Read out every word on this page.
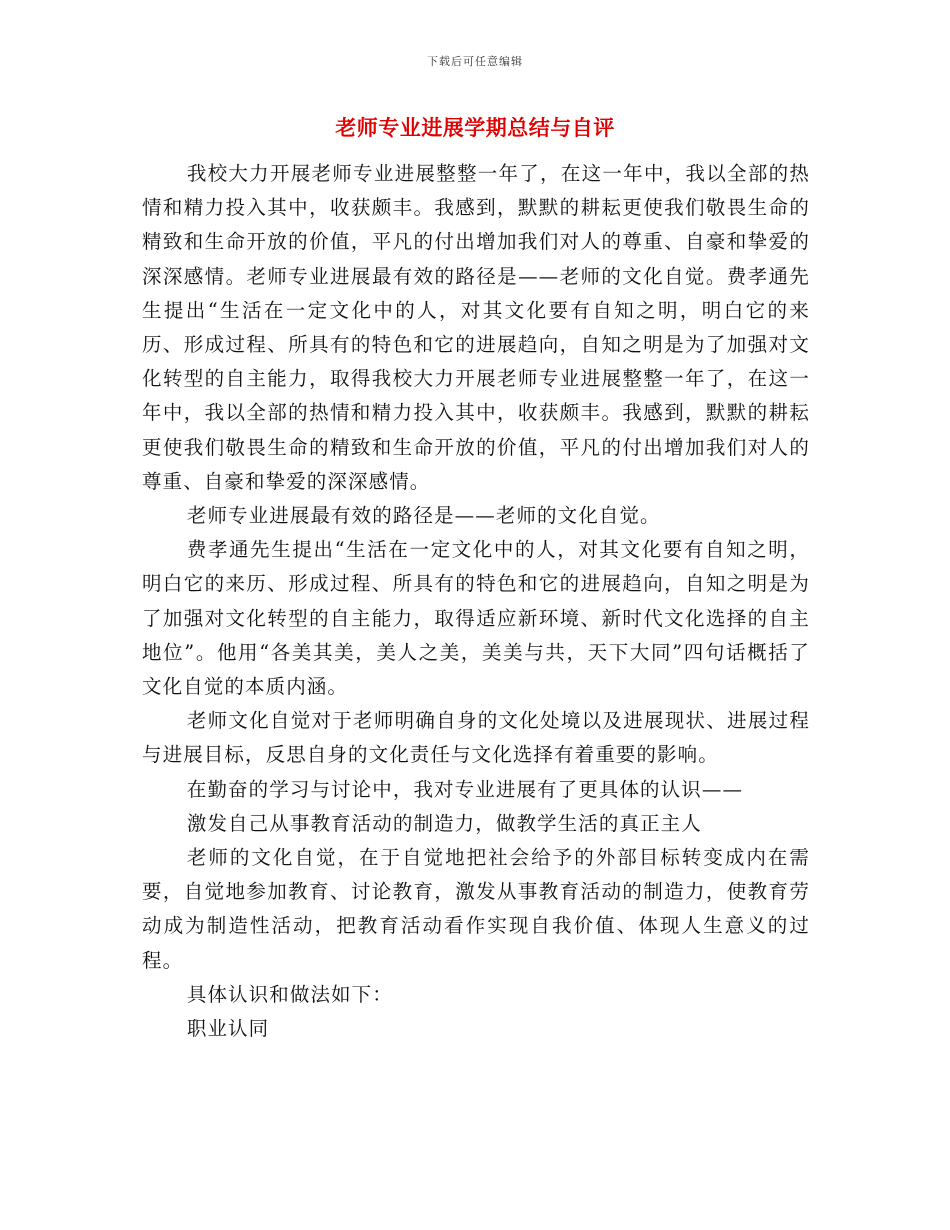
下载后可任意编辑
老师专业进展学期总结与自评

我校大力开展老师专业进展整整一年了，在这一年中，我以全部的热情和精力投入其中，收获颇丰。我感到，默默的耕耘更使我们敬畏生命的精致和生命开放的价值，平凡的付出增加我们对人的尊重、自豪和挚爱的深深感情。老师专业进展最有效的路径是——老师的文化自觉。费孝通先生提出“生活在一定文化中的人，对其文化要有自知之明，明白它的来历、形成过程、所具有的特色和它的进展趋向，自知之明是为了加强对文化转型的自主能力，取得我校大力开展老师专业进展整整一年了，在这一年中，我以全部的热情和精力投入其中，收获颇丰。我感到，默默的耕耘更使我们敬畏生命的精致和生命开放的价值，平凡的付出增加我们对人的尊重、自豪和挚爱的深深感情。

老师专业进展最有效的路径是——老师的文化自觉。

费孝通先生提出“生活在一定文化中的人，对其文化要有自知之明，明白它的来历、形成过程、所具有的特色和它的进展趋向，自知之明是为了加强对文化转型的自主能力，取得适应新环境、新时代文化选择的自主地位”。他用“各美其美，美人之美，美美与共，天下大同”四句话概括了文化自觉的本质内涵。

老师文化自觉对于老师明确自身的文化处境以及进展现状、进展过程与进展目标，反思自身的文化责任与文化选择有着重要的影响。

在勤奋的学习与讨论中，我对专业进展有了更具体的认识——

激发自己从事教育活动的制造力，做教学生活的真正主人

老师的文化自觉，在于自觉地把社会给予的外部目标转变成内在需要，自觉地参加教育、讨论教育，激发从事教育活动的制造力，使教育劳动成为制造性活动，把教育活动看作实现自我价值、体现人生意义的过程。

具体认识和做法如下：

职业认同
